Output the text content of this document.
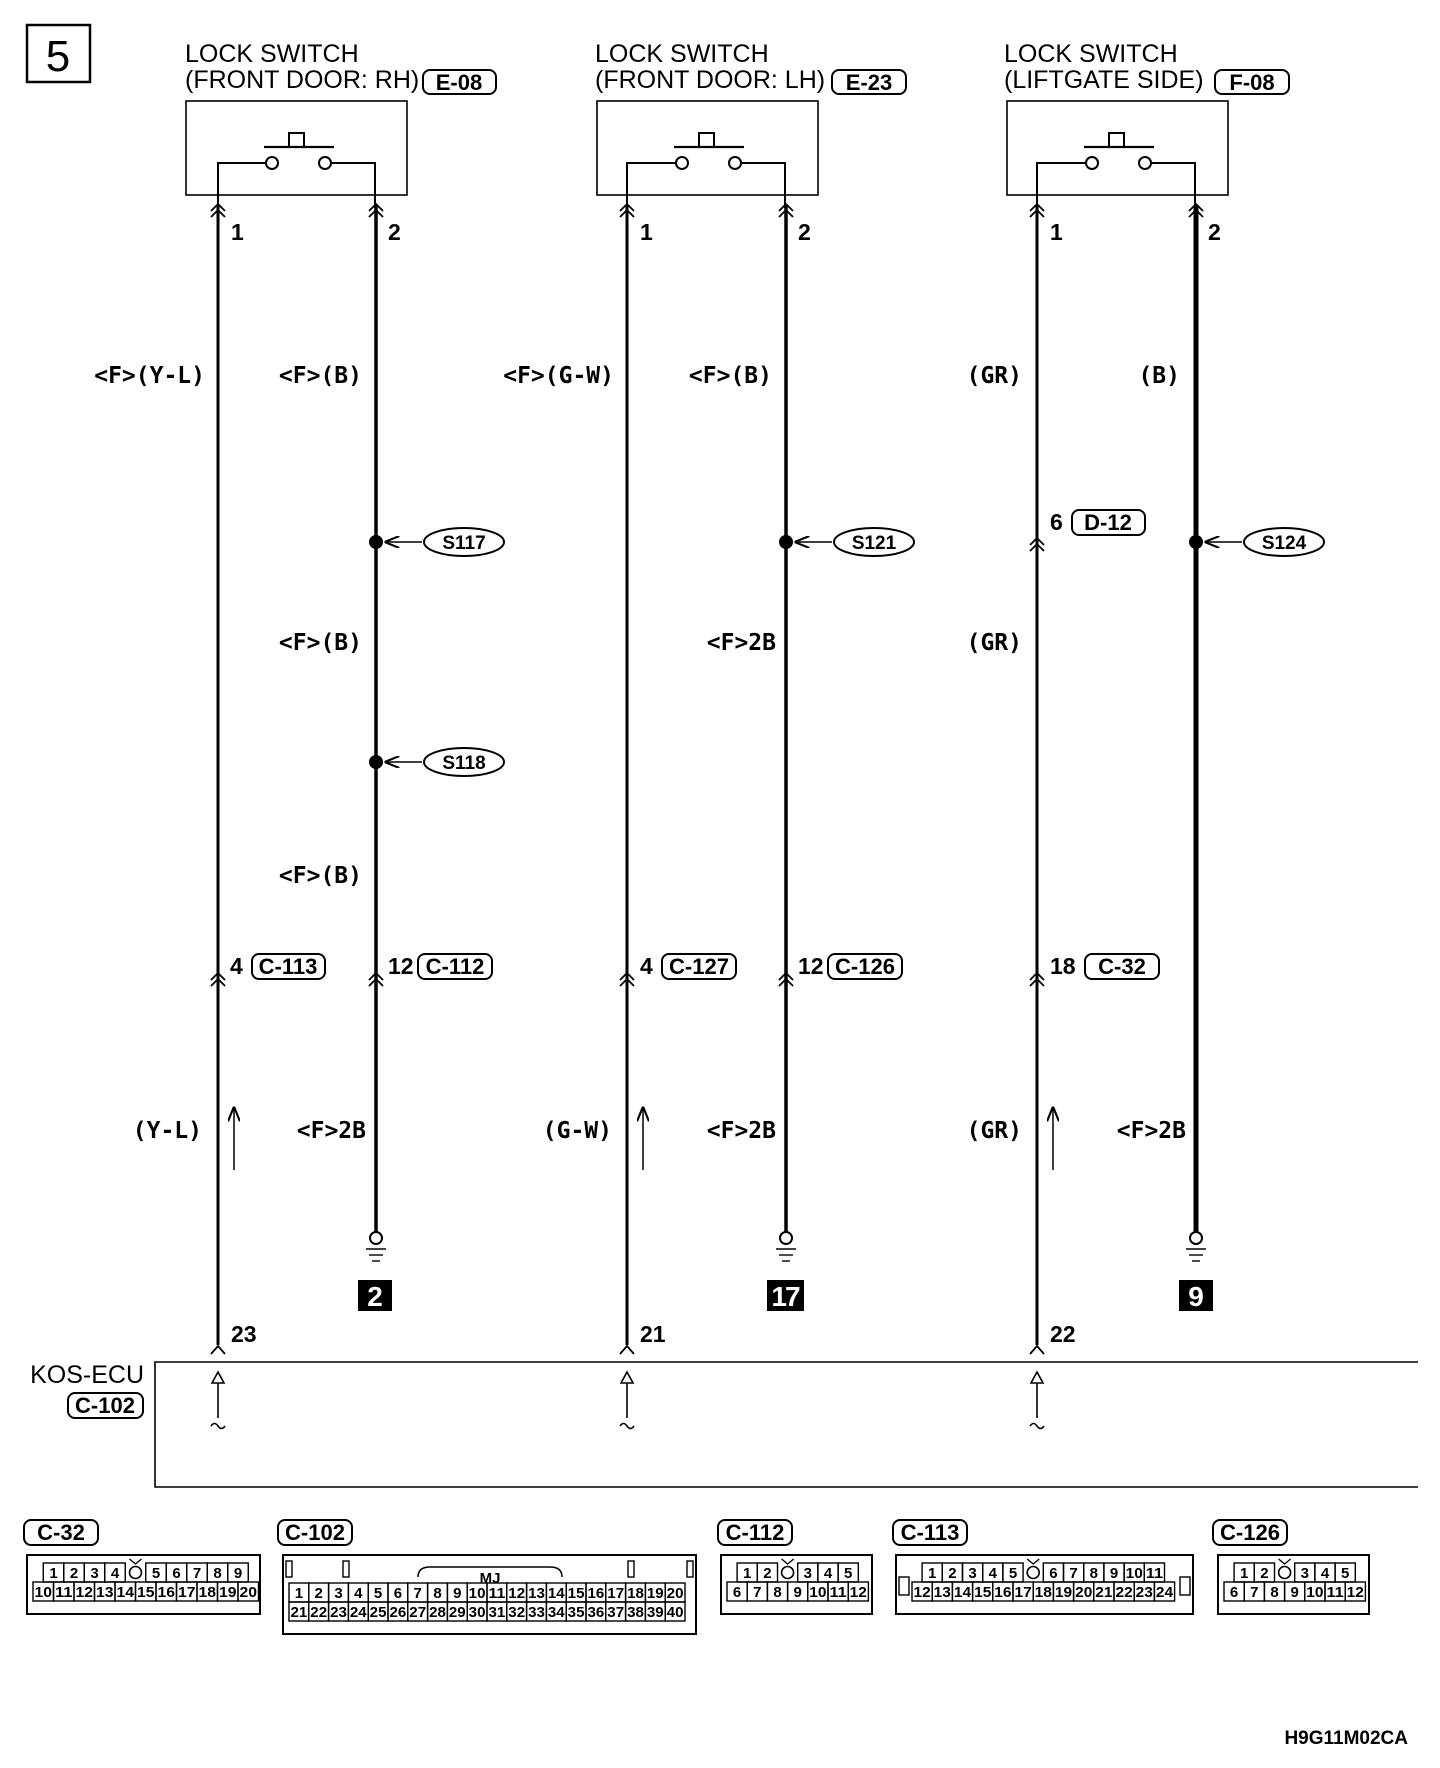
5	LOCK SWITCH
(FRONT DOOR: RH) E-08
LOCK SWITCH
(FRONT DOOR: LH) E-23
LOCK SWITCH
(LIFTGATE SIDE) F-08
1	2	1	2	1	2
<F>(Y-L)	<F>(B)
<F>(B)
<F>(B)
(Y-L)	<F>2B
<F>(G-W)	<F>(B)
<F>2B
(G-W)	<F>2B
(GR)	(B)
(GR)
(GR)	<F>2B
S117
S118
S121	S124
4 C-113	12 C-112	4 C-127	12 C-126	18 C-32
6 D-12
2	17	9
23	21	22
KOS-ECU
C-102
C-32
1 2 3 4 5 6 7 8 9
10 11 12 13 14 15 16 17 18 19 20
C-102
1 2 3 4 5 6 7 8 9 10 11 12 13 14 15 16 17 18 19 20
21 22 23 24 25 26 27 28 29 30 31 32 33 34 35 36 37 38 39 40
MJ
C-112
1 2 3 4 5
6 7 8 9 10 11 12
C-113
1 2 3 4 5 6 7 8 9 10 11
12 13 14 15 16 17 18 19 20 21 22 23 24
C-126
1 2 3 4 5
6 7 8 9 10 11 12
H9G11M02CA
